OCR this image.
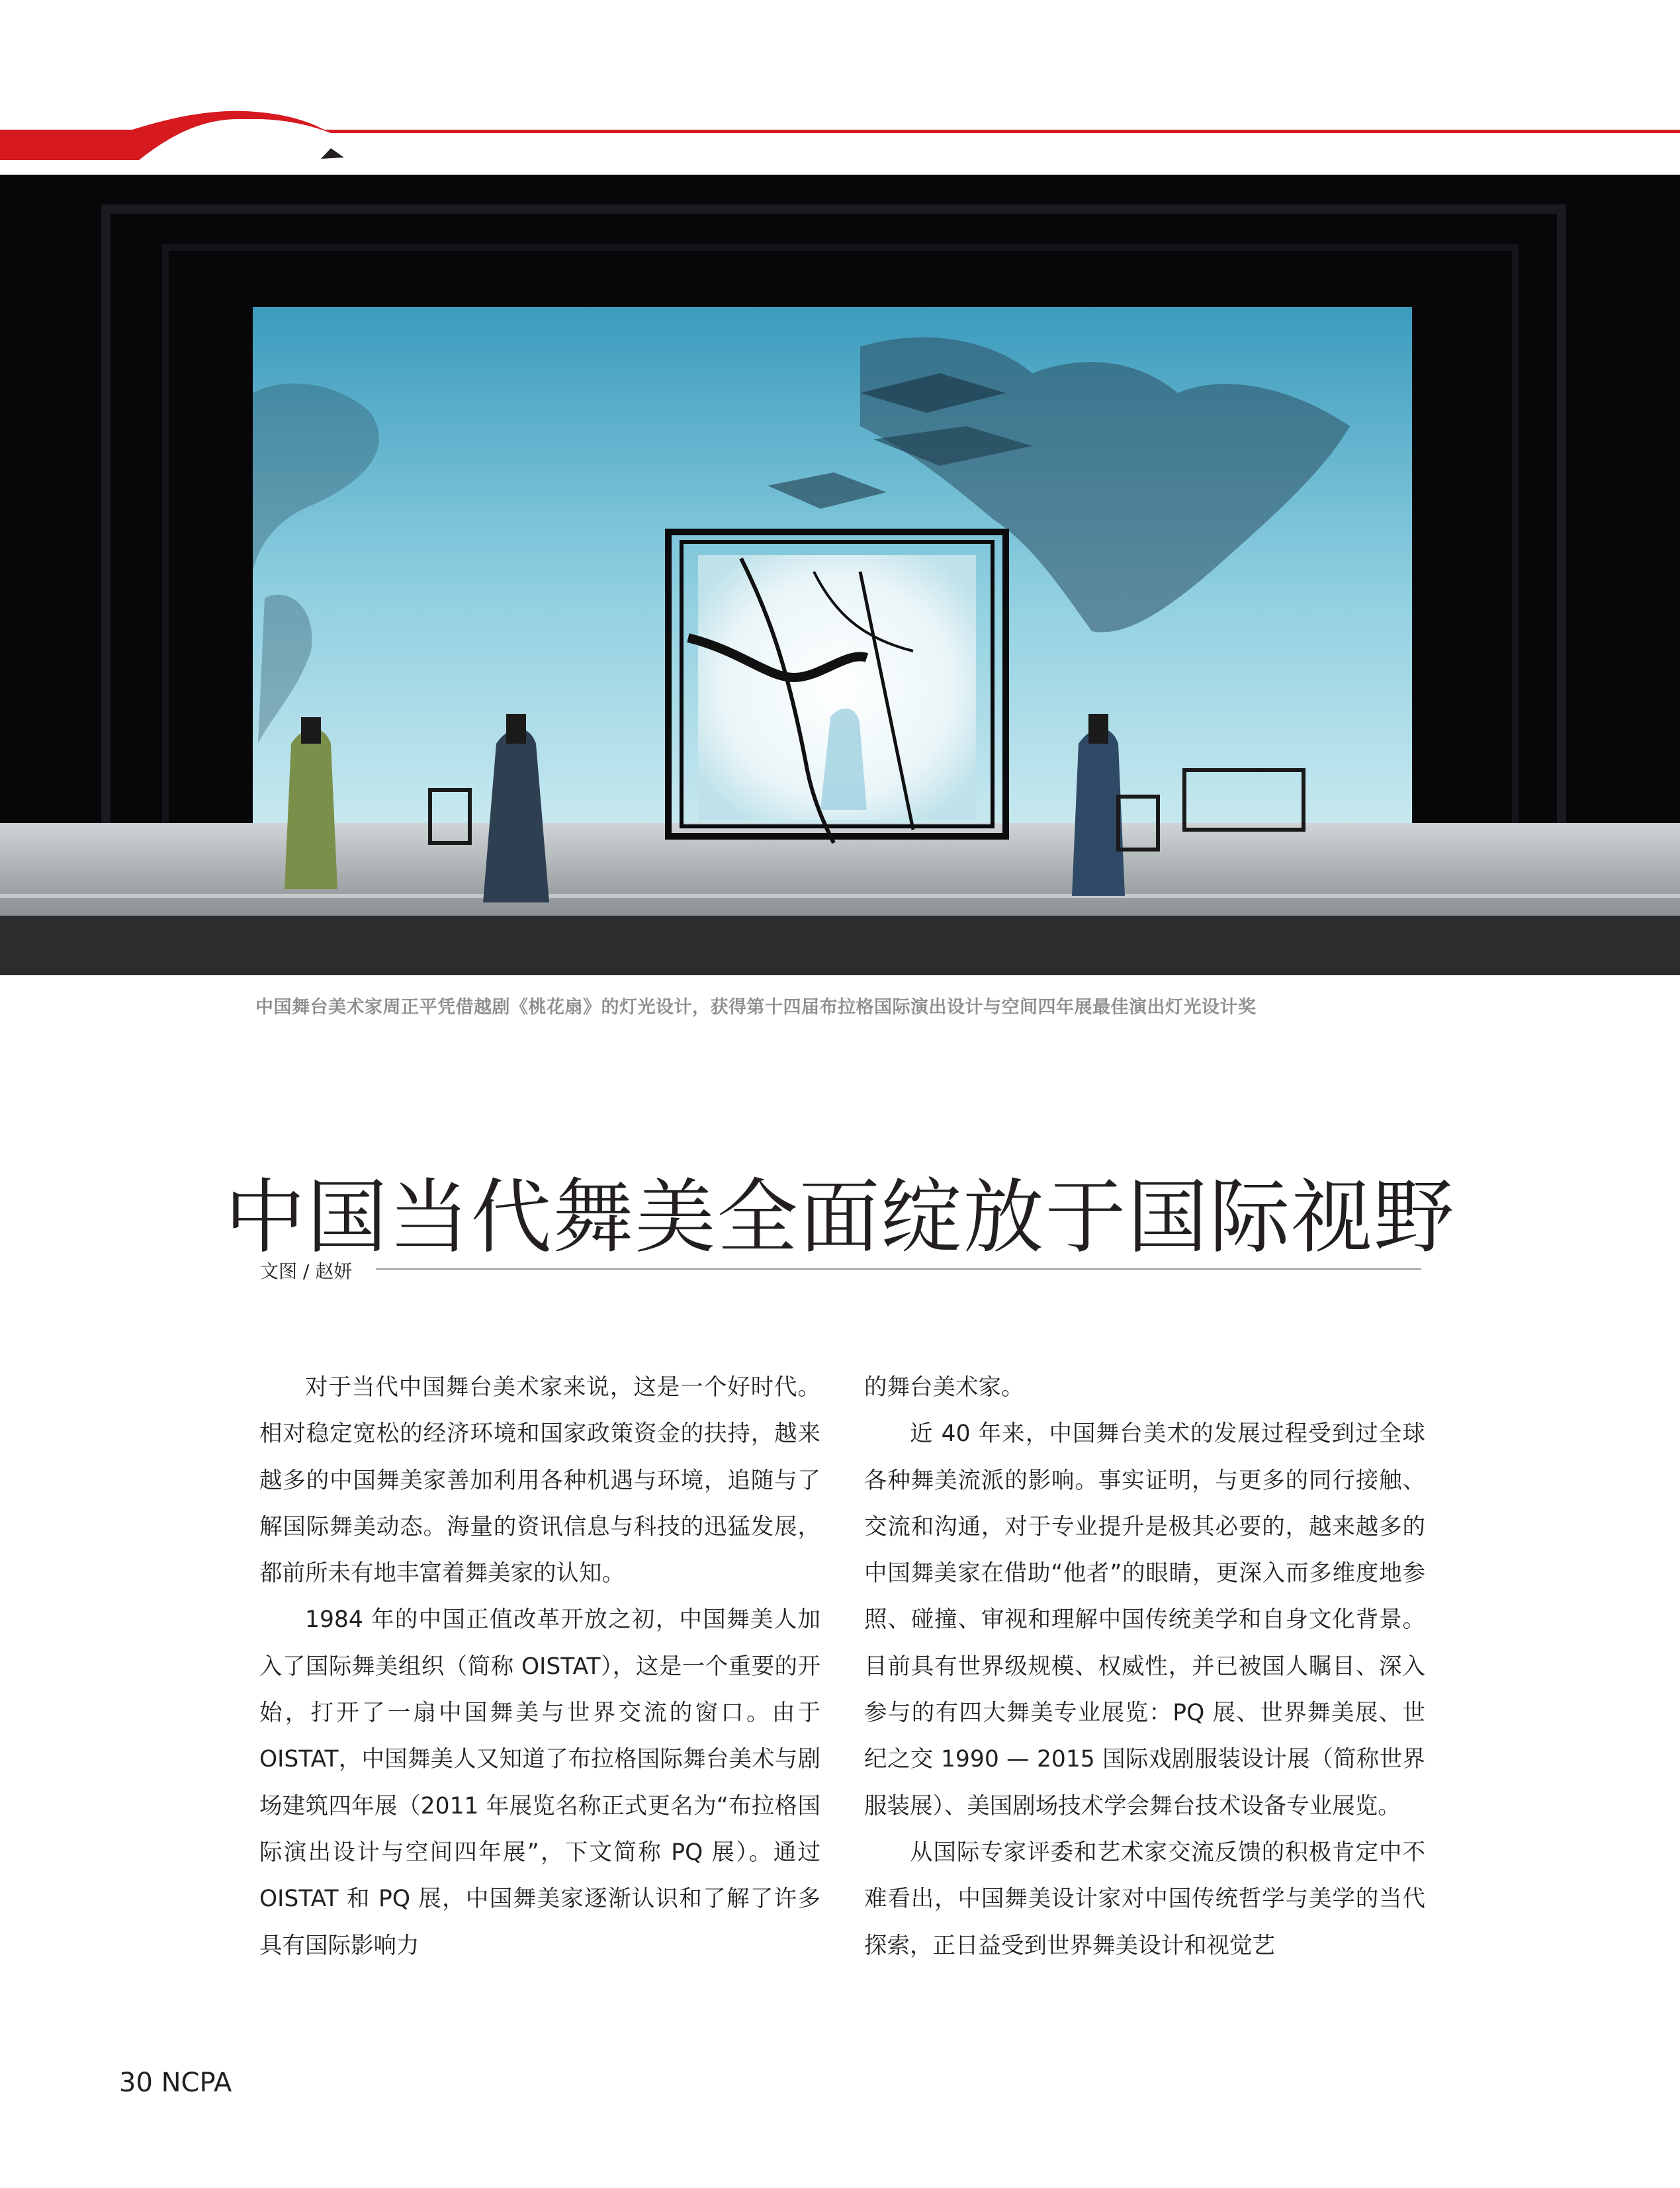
中国舞台美术家周正平凭借越剧《桃花扇》的灯光设计，获得第十四届布拉格国际演出设计与空间四年展最佳演出灯光设计奖
中国当代舞美全面绽放于国际视野
文图 / 赵妍

对于当代中国舞台美术家来说，这是一个好时代。相对稳定宽松的经济环境和国家政策资金的扶持，越来越多的中国舞美家善加利用各种机遇与环境，追随与了解国际舞美动态。海量的资讯信息与科技的迅猛发展，都前所未有地丰富着舞美家的认知。

1984 年的中国正值改革开放之初，中国舞美人加入了国际舞美组织（简称 OISTAT），这是一个重要的开始，打开了一扇中国舞美与世界交流的窗口。由于 OISTAT，中国舞美人又知道了布拉格国际舞台美术与剧场建筑四年展（2011 年展览名称正式更名为“布拉格国际演出设计与空间四年展”，下文简称 PQ 展）。通过 OISTAT 和 PQ 展，中国舞美家逐渐认识和了解了许多具有国际影响力

的舞台美术家。

近 40 年来，中国舞台美术的发展过程受到过全球各种舞美流派的影响。事实证明，与更多的同行接触、交流和沟通，对于专业提升是极其必要的，越来越多的中国舞美家在借助“他者”的眼睛，更深入而多维度地参照、碰撞、审视和理解中国传统美学和自身文化背景。目前具有世界级规模、权威性，并已被国人瞩目、深入参与的有四大舞美专业展览：PQ 展、世界舞美展、世纪之交 1990 — 2015 国际戏剧服装设计展（简称世界服装展）、美国剧场技术学会舞台技术设备专业展览。

从国际专家评委和艺术家交流反馈的积极肯定中不难看出，中国舞美设计家对中国传统哲学与美学的当代探索，正日益受到世界舞美设计和视觉艺

30 NCPA
